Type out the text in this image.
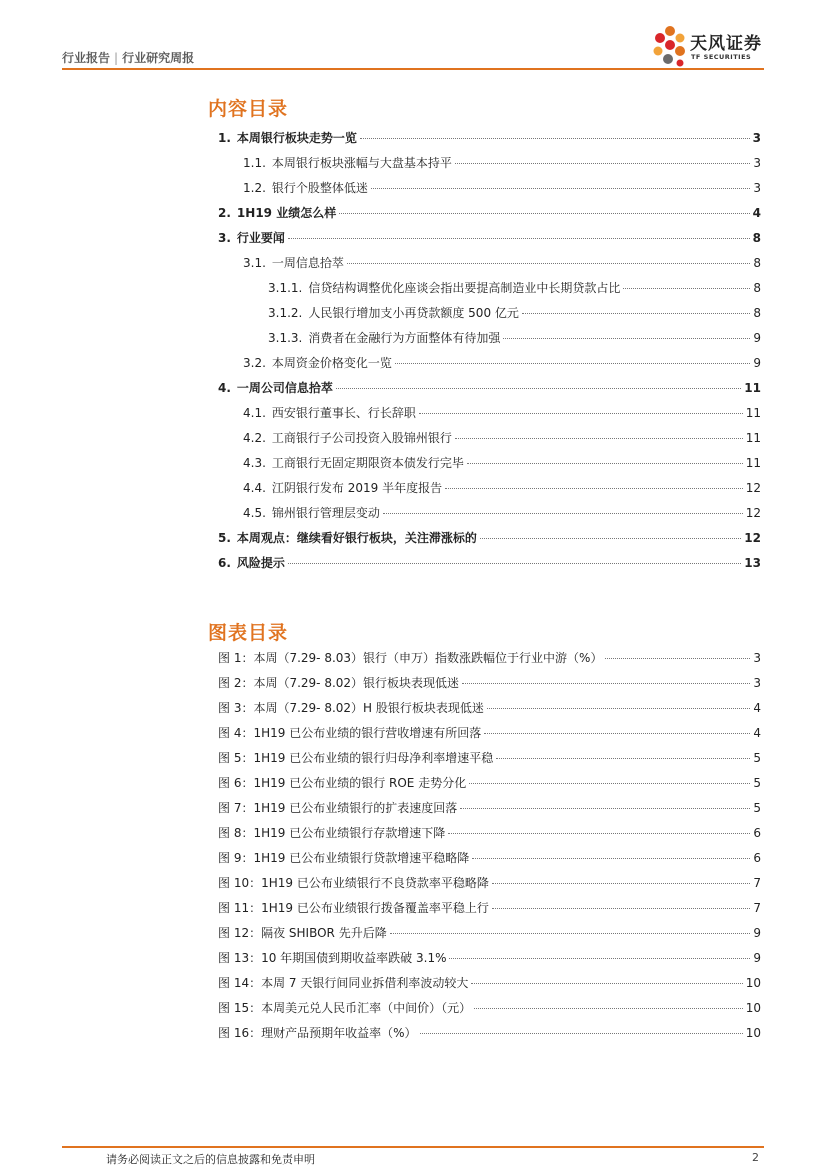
行业报告 | 行业研究周报
天风证券
TF SECURITIES
内容目录
1. 本周银行板块走势一览	3
1.1. 本周银行板块涨幅与大盘基本持平	3
1.2. 银行个股整体低迷	3
2. 1H19 业绩怎么样	4
3. 行业要闻	8
3.1. 一周信息拾萃	8
3.1.1. 信贷结构调整优化座谈会指出要提高制造业中长期贷款占比	8
3.1.2. 人民银行增加支小再贷款额度 500 亿元	8
3.1.3. 消费者在金融行为方面整体有待加强	9
3.2. 本周资金价格变化一览	9
4. 一周公司信息拾萃	11
4.1. 西安银行董事长、行长辞职	11
4.2. 工商银行子公司投资入股锦州银行	11
4.3. 工商银行无固定期限资本债发行完毕	11
4.4. 江阴银行发布 2019 半年度报告	12
4.5. 锦州银行管理层变动	12
5. 本周观点：继续看好银行板块，关注滞涨标的	12
6. 风险提示	13
图表目录
图 1：本周（7.29- 8.03）银行（申万）指数涨跌幅位于行业中游（%）	3
图 2：本周（7.29- 8.02）银行板块表现低迷	3
图 3：本周（7.29- 8.02）H 股银行板块表现低迷	4
图 4：1H19 已公布业绩的银行营收增速有所回落	4
图 5：1H19 已公布业绩的银行归母净利率增速平稳	5
图 6：1H19 已公布业绩的银行 ROE 走势分化	5
图 7：1H19 已公布业绩银行的扩表速度回落	5
图 8：1H19 已公布业绩银行存款增速下降	6
图 9：1H19 已公布业绩银行贷款增速平稳略降	6
图 10：1H19 已公布业绩银行不良贷款率平稳略降	7
图 11：1H19 已公布业绩银行拨备覆盖率平稳上行	7
图 12：隔夜 SHIBOR 先升后降	9
图 13：10 年期国债到期收益率跌破 3.1%	9
图 14：本周 7 天银行间同业拆借利率波动较大	10
图 15：本周美元兑人民币汇率（中间价）（元）	10
图 16：理财产品预期年收益率（%）	10
请务必阅读正文之后的信息披露和免责申明	2
